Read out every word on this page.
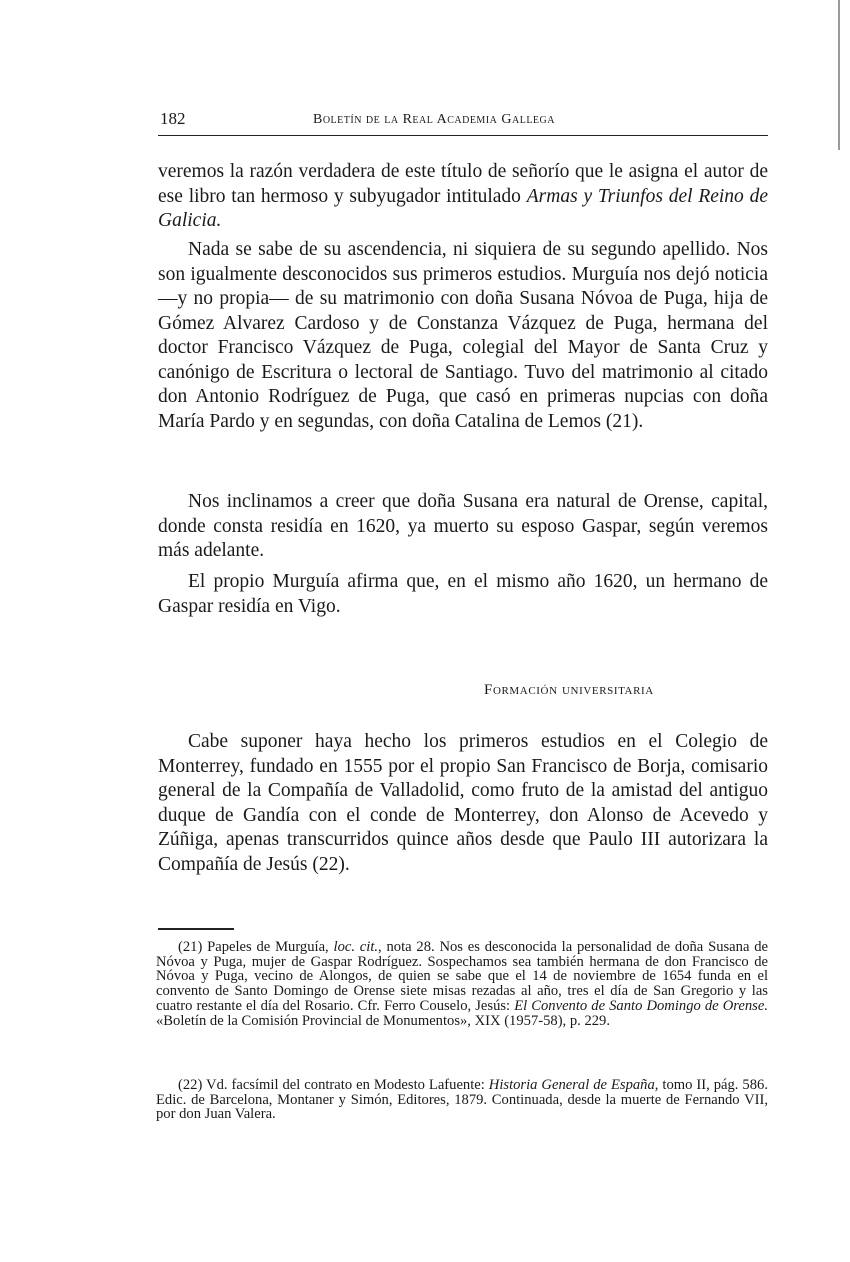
182	Boletín de la Real Academia Gallega

veremos la razón verdadera de este título de señorío que le asigna el autor de ese libro tan hermoso y subyugador intitulado Armas y Triunfos del Reino de Galicia.

Nada se sabe de su ascendencia, ni siquiera de su segundo apellido. Nos son igualmente desconocidos sus primeros estudios. Murguía nos dejó noticia —y no propia— de su matrimonio con doña Susana Nóvoa de Puga, hija de Gómez Alvarez Cardoso y de Constanza Vázquez de Puga, hermana del doctor Francisco Vázquez de Puga, colegial del Mayor de Santa Cruz y canónigo de Escritura o lectoral de Santiago. Tuvo del matrimonio al citado don Antonio Rodríguez de Puga, que casó en primeras nupcias con doña María Pardo y en segundas, con doña Catalina de Lemos (21).

Nos inclinamos a creer que doña Susana era natural de Orense, capital, donde consta residía en 1620, ya muerto su esposo Gaspar, según veremos más adelante.

El propio Murguía afirma que, en el mismo año 1620, un hermano de Gaspar residía en Vigo.

Formación universitaria

Cabe suponer haya hecho los primeros estudios en el Colegio de Monterrey, fundado en 1555 por el propio San Francisco de Borja, comisario general de la Compañía de Valladolid, como fruto de la amistad del antiguo duque de Gandía con el conde de Monterrey, don Alonso de Acevedo y Zúñiga, apenas transcurridos quince años desde que Paulo III autorizara la Compañía de Jesús (22).

(21) Papeles de Murguía, loc. cit., nota 28. Nos es desconocida la personalidad de doña Susana de Nóvoa y Puga, mujer de Gaspar Rodríguez. Sospechamos sea también hermana de don Francisco de Nóvoa y Puga, vecino de Alongos, de quien se sabe que el 14 de noviembre de 1654 funda en el convento de Santo Domingo de Orense siete misas rezadas al año, tres el día de San Gregorio y las cuatro restante el día del Rosario. Cfr. Ferro Couselo, Jesús: El Convento de Santo Domingo de Orense. «Boletín de la Comisión Provincial de Monumentos», XIX (1957-58), p. 229.

(22) Vd. facsímil del contrato en Modesto Lafuente: Historia General de España, tomo II, pág. 586. Edic. de Barcelona, Montaner y Simón, Editores, 1879. Continuada, desde la muerte de Fernando VII, por don Juan Valera.
